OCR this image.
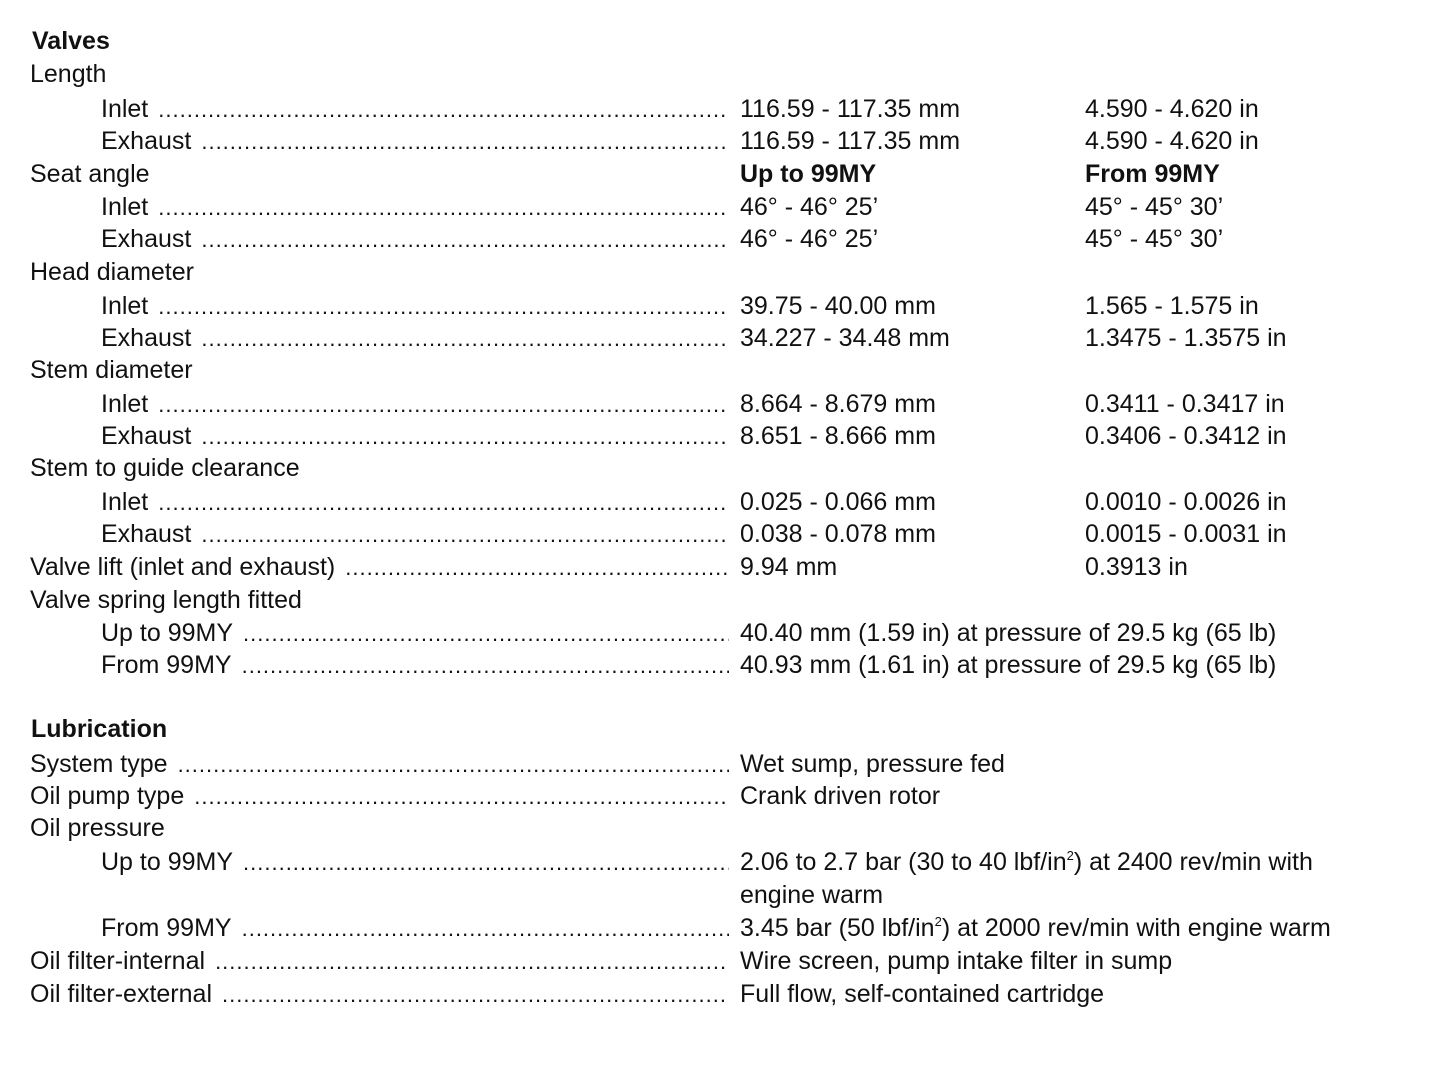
Valves
Length
Inlet .....	116.59 - 117.35 mm	4.590 - 4.620 in
Exhaust .....	116.59 - 117.35 mm	4.590 - 4.620 in
Seat angle	Up to 99MY	From 99MY
Inlet .....	46° - 46° 25’	45° - 45° 30’
Exhaust .....	46° - 46° 25’	45° - 45° 30’
Head diameter
Inlet .....	39.75 - 40.00 mm	1.565 - 1.575 in
Exhaust .....	34.227 - 34.48 mm	1.3475 - 1.3575 in
Stem diameter
Inlet .....	8.664 - 8.679 mm	0.3411 - 0.3417 in
Exhaust .....	8.651 - 8.666 mm	0.3406 - 0.3412 in
Stem to guide clearance
Inlet .....	0.025 - 0.066 mm	0.0010 - 0.0026 in
Exhaust .....	0.038 - 0.078 mm	0.0015 - 0.0031 in
Valve lift (inlet and exhaust) .....	9.94 mm	0.3913 in
Valve spring length fitted
Up to 99MY .....	40.40 mm (1.59 in) at pressure of 29.5 kg (65 lb)
From 99MY .....	40.93 mm (1.61 in) at pressure of 29.5 kg (65 lb)
Lubrication
System type .....	Wet sump, pressure fed
Oil pump type .....	Crank driven rotor
Oil pressure
Up to 99MY .....	2.06 to 2.7 bar (30 to 40 lbf/$in^2$) at 2400 rev/min with
engine warm
From 99MY .....	3.45 bar (50 lbf/$in^2$) at 2000 rev/min with engine warm
Oil filter-internal .....	Wire screen, pump intake filter in sump
Oil filter-external .....	Full flow, self-contained cartridge
